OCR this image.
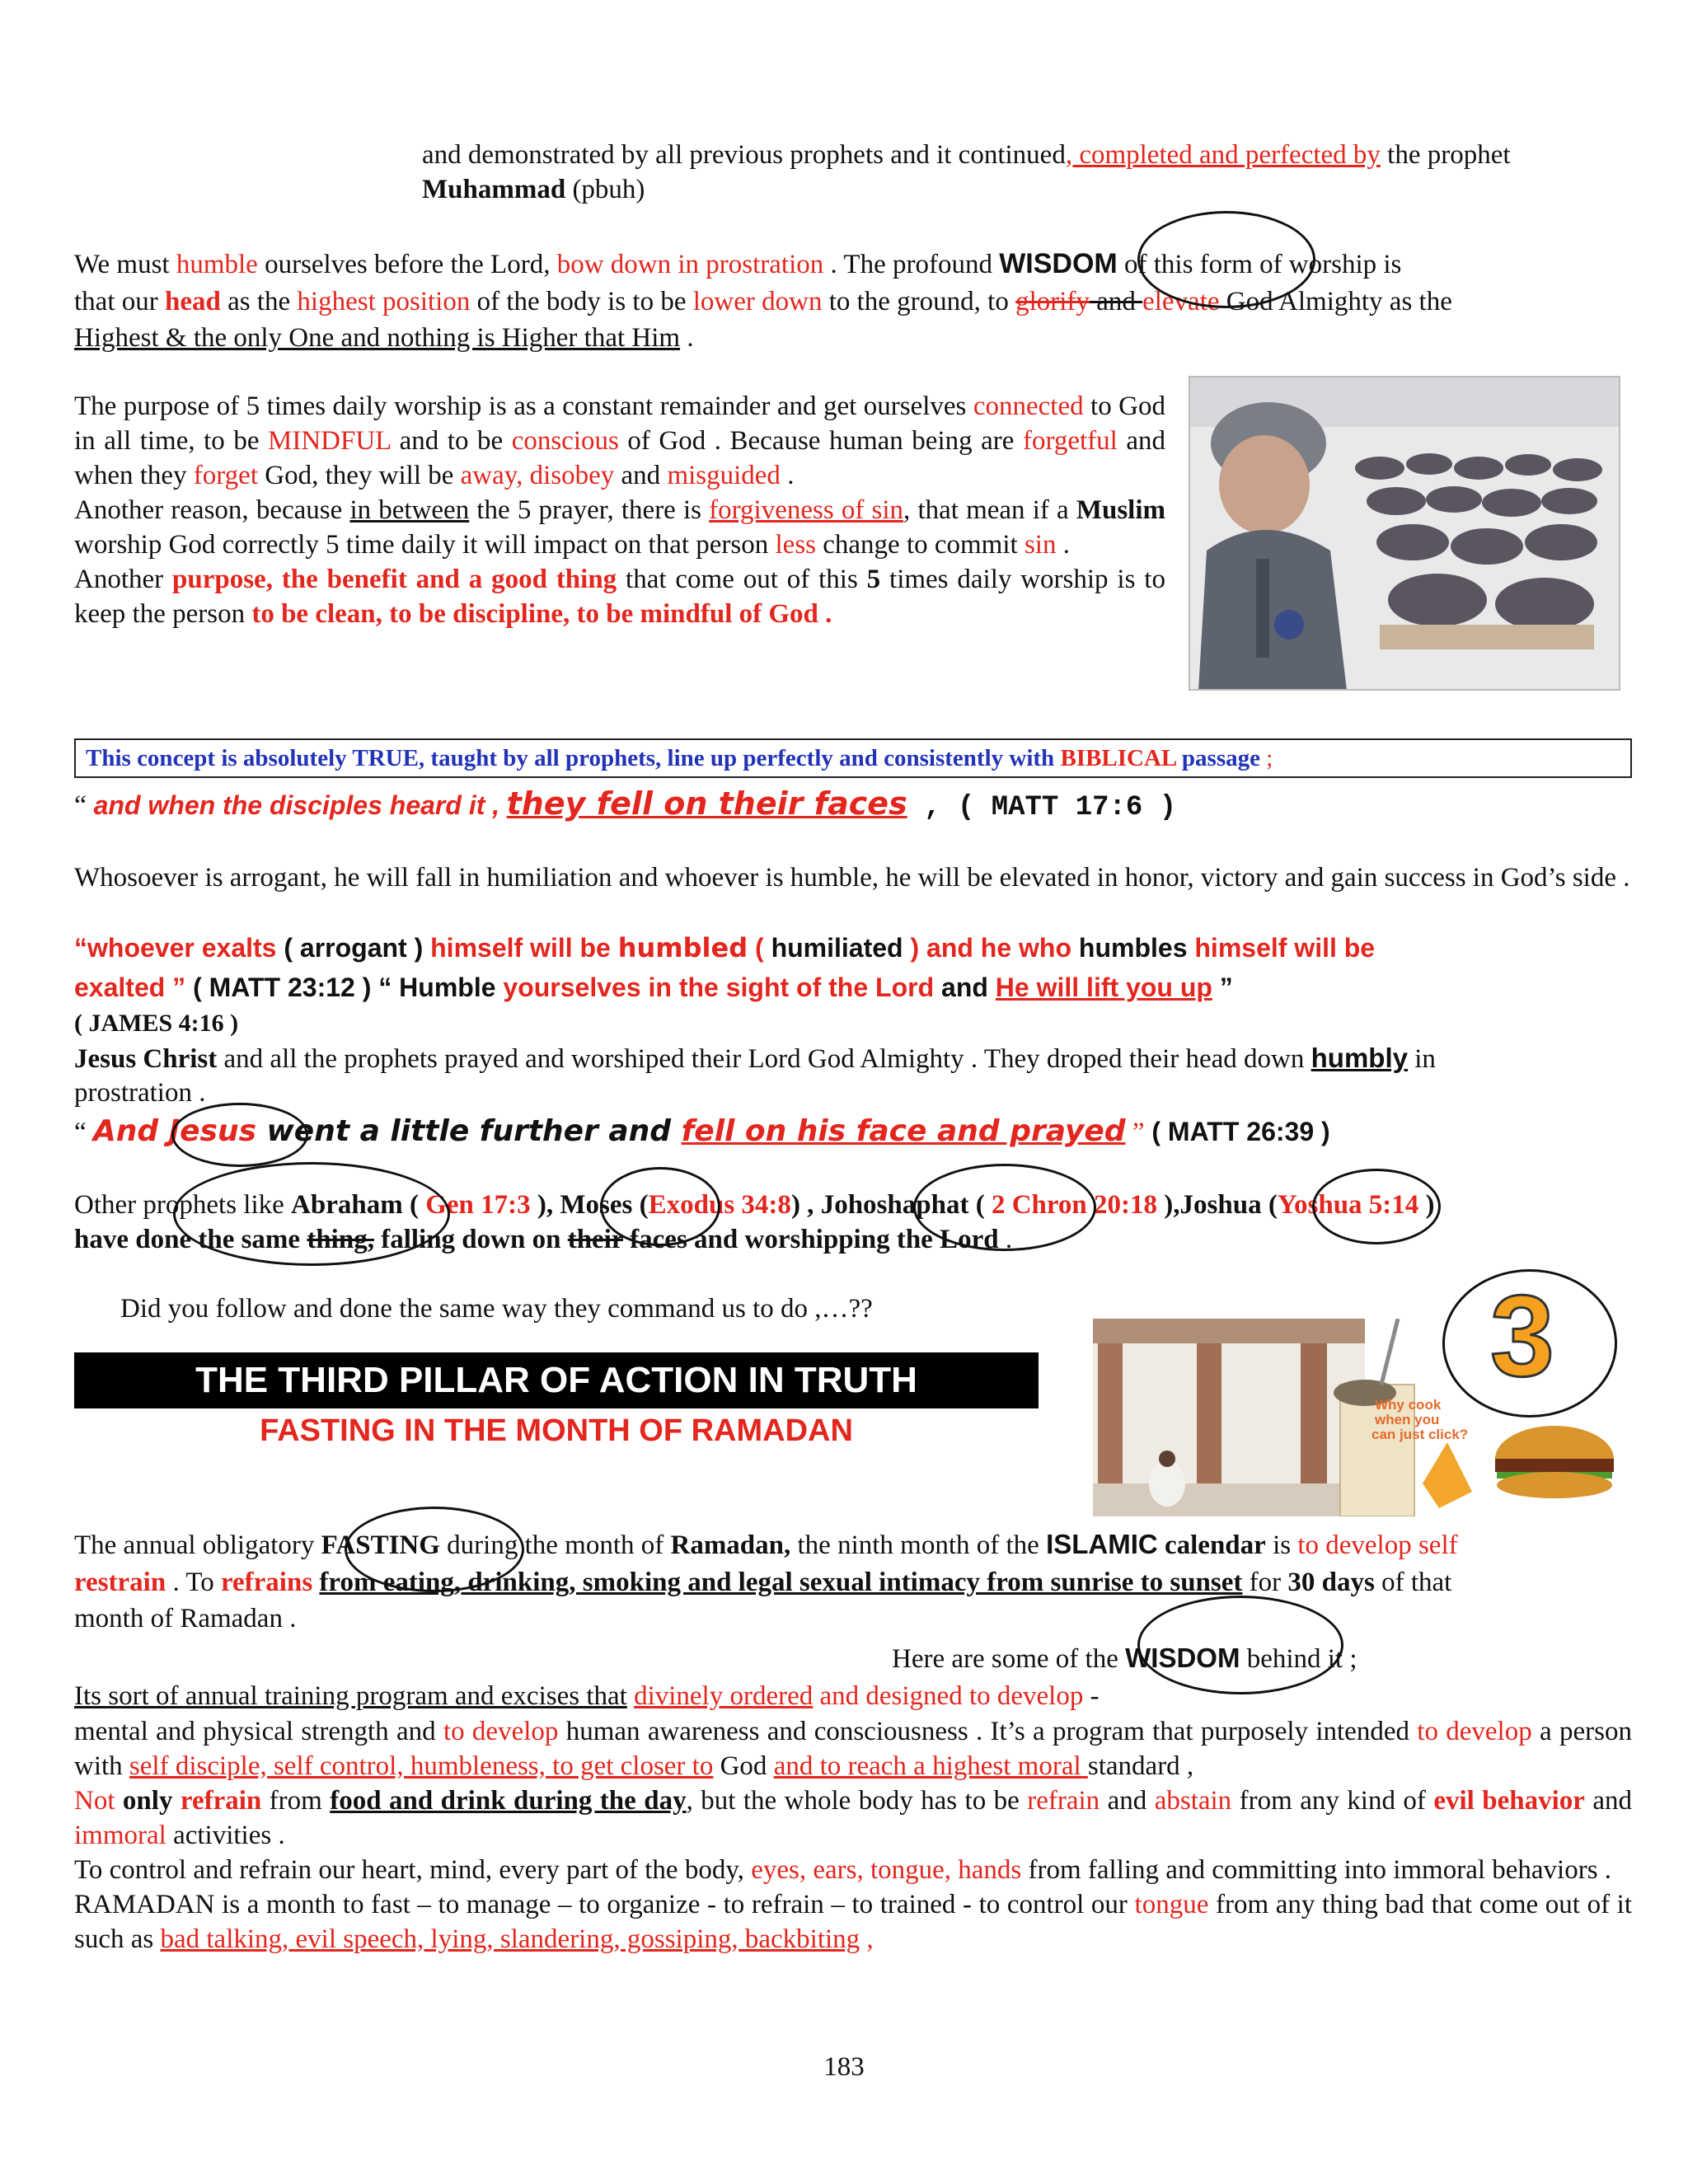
and demonstrated by all previous prophets and it continued, completed and perfected by the prophet
Muhammad (pbuh)
We must humble ourselves before the Lord, bow down in prostration . The profound WISDOM of this form of worship is
that our head as the highest position of the body is to be lower down to the ground, to glorify and elevate God Almighty as the
Highest & the only One and nothing is Higher that Him .
The purpose of 5 times daily worship is as a constant remainder and get ourselves connected to God in all time, to be MINDFUL and to be conscious of God . Because human being are forgetful and when they forget God, they will be away, disobey and misguided .
Another reason, because in between the 5 prayer, there is forgiveness of sin, that mean if a Muslim worship God correctly 5 time daily it will impact on that person less change to commit sin .
Another purpose, the benefit and a good thing that come out of this 5 times daily worship is to keep the person to be clean, to be discipline, to be mindful of God .
This concept is absolutely TRUE, taught by all prophets, line up perfectly and consistently with BIBLICAL passage ;
“ and when the disciples heard it , they fell on their faces , ( MATT 17:6 )
Whosoever is arrogant, he will fall in humiliation and whoever is humble, he will be elevated in honor, victory and gain success in God’s side .
“whoever exalts ( arrogant ) himself will be humbled ( humiliated ) and he who humbles himself will be
exalted ” ( MATT 23:12 ) “ Humble yourselves in the sight of the Lord and He will lift you up ”
( JAMES 4:16 )
Jesus Christ and all the prophets prayed and worshiped their Lord God Almighty . They droped their head down humbly in
prostration .
“ And Jesus went a little further and fell on his face and prayed ” ( MATT 26:39 )
Other prophets like Abraham ( Gen 17:3 ), Moses (Exodus 34:8) , Johoshaphat ( 2 Chron 20:18 ),Joshua (Yoshua 5:14 )
have done the same thing, falling down on their faces and worshipping the Lord .
Did you follow and done the same way they command us to do ,…??
THE THIRD PILLAR OF ACTION IN TRUTH
FASTING IN THE MONTH OF RAMADAN
Why cook
when you
can just click?
3
The annual obligatory FASTING during the month of Ramadan, the ninth month of the ISLAMIC calendar is to develop self
restrain . To refrains from eating, drinking, smoking and legal sexual intimacy from sunrise to sunset for 30 days of that
month of Ramadan .
Here are some of the WISDOM behind it ;
Its sort of annual training program and excises that divinely ordered and designed to develop -
mental and physical strength and to develop human awareness and consciousness . It’s a program that purposely intended to develop a person with self disciple, self control, humbleness, to get closer to God and to reach a highest moral standard ,
Not only refrain from food and drink during the day, but the whole body has to be refrain and abstain from any kind of evil behavior and immoral activities .
To control and refrain our heart, mind, every part of the body, eyes, ears, tongue, hands from falling and committing into immoral behaviors .
RAMADAN is a month to fast – to manage – to organize - to refrain – to trained - to control our tongue from any thing bad that come out of it such as bad talking, evil speech, lying, slandering, gossiping, backbiting ,
183
